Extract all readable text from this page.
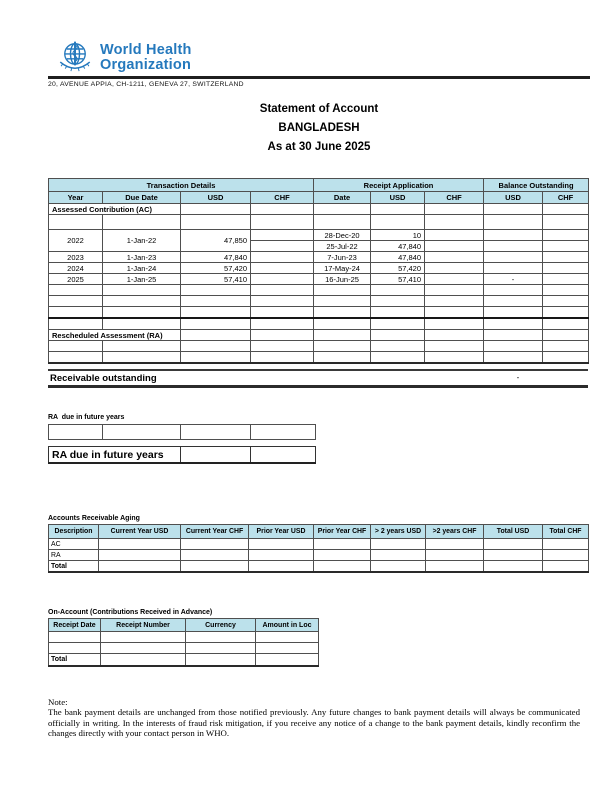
World Health
Organization
20, AVENUE APPIA, CH-1211, GENEVA 27, SWITZERLAND
Statement of Account
BANGLADESH
As at 30 June 2025
Transaction Details				Receipt Application			Balance Outstanding	
Year	Due Date	USD	CHF	Date	USD	CHF	USD	CHF
Assessed Contribution (AC)								

2022	1-Jan-22	47,850		28-Dec-20	10			
				25-Jul-22	47,840			
2023	1-Jan-23	47,840		7-Jun-23	47,840			
2024	1-Jan-24	57,420		17-May-24	57,420			
2025	1-Jan-25	57,410		16-Jun-25	57,410		-	

Rescheduled Assessment (RA)								

Receivable outstanding	-
RA  due in future years

RA due in future years		
Accounts Receivable Aging
Description	Current Year USD	Current Year CHF	Prior Year USD	Prior Year CHF	> 2 years USD	>2 years CHF	Total USD	Total CHF
AC								
RA								
Total								
On-Account (Contributions Received in Advance)
Receipt Date	Receipt Number	Currency	Amount in Loc

Total			
Note:
The bank payment details are unchanged from those notified previously. Any future changes to bank payment details will always be communicated officially in writing. In the interests of fraud risk mitigation, if you receive any notice of a change to the bank payment details, kindly reconfirm the changes directly with your contact person in WHO.
